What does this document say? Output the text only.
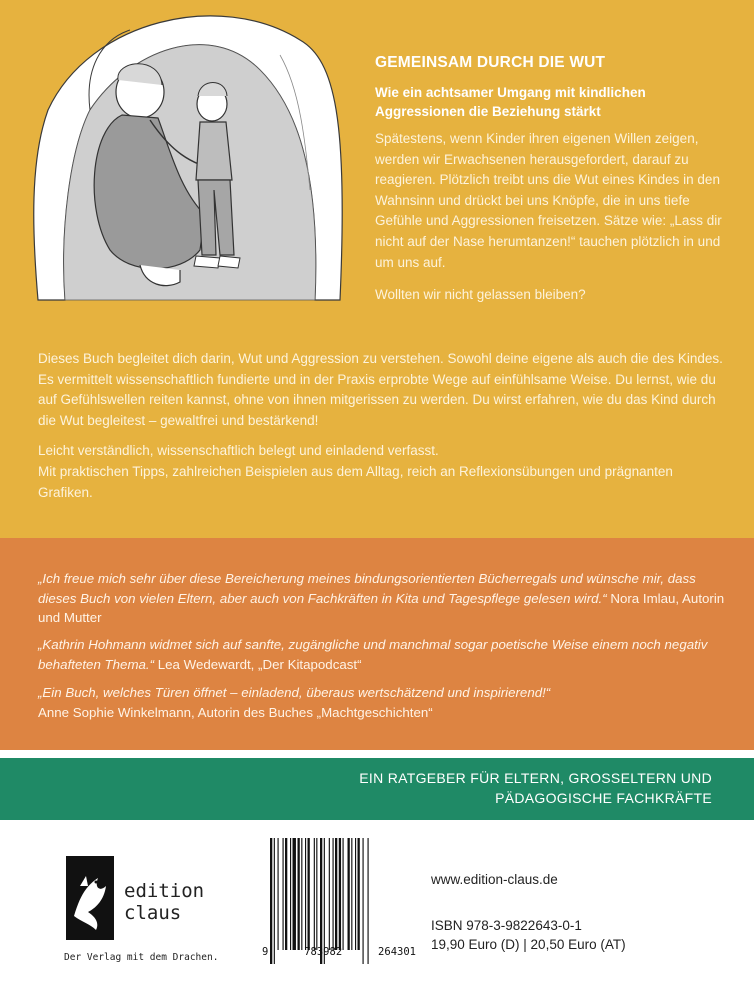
GEMEINSAM DURCH DIE WUT
Wie ein achtsamer Umgang mit kindlichen Aggressionen die Beziehung stärkt

Spätestens, wenn Kinder ihren eigenen Willen zeigen, werden wir Erwachsenen herausgefordert, darauf zu reagieren. Plötzlich treibt uns die Wut eines Kindes in den Wahnsinn und drückt bei uns Knöpfe, die in uns tiefe Gefühle und Aggressionen freisetzen. Sätze wie: „Lass dir nicht auf der Nase herumtanzen!“ tauchen plötzlich in und um uns auf.

Wollten wir nicht gelassen bleiben?

Dieses Buch begleitet dich darin, Wut und Aggression zu verstehen. Sowohl deine eigene als auch die des Kindes. Es vermittelt wissenschaftlich fundierte und in der Praxis erprobte Wege auf einfühlsame Weise. Du lernst, wie du auf Gefühlswellen reiten kannst, ohne von ihnen mitgerissen zu werden. Du wirst erfahren, wie du das Kind durch die Wut begleitest – gewaltfrei und bestärkend!

Leicht verständlich, wissenschaftlich belegt und einladend verfasst.
Mit praktischen Tipps, zahlreichen Beispielen aus dem Alltag, reich an Reflexionsübungen und prägnanten Grafiken.

„Ich freue mich sehr über diese Bereicherung meines bindungsorientierten Bücherregals und wünsche mir, dass dieses Buch von vielen Eltern, aber auch von Fachkräften in Kita und Tagespflege gelesen wird.“ Nora Imlau, Autorin und Mutter

„Kathrin Hohmann widmet sich auf sanfte, zugängliche und manchmal sogar poetische Weise einem noch negativ behafteten Thema.“ Lea Wedewardt, „Der Kitapodcast“

„Ein Buch, welches Türen öffnet – einladend, überaus wertschätzend und inspirierend!“
Anne Sophie Winkelmann, Autorin des Buches „Machtgeschichten“

EIN RATGEBER FÜR ELTERN, GROSSELTERN UND
PÄDAGOGISCHE FACHKRÄFTE
edition
claus
Der Verlag mit dem Drachen.	9	783982	264301
www.edition-claus.de
ISBN 978-3-9822643-0-1
19,90 Euro (D) | 20,50 Euro (AT)
